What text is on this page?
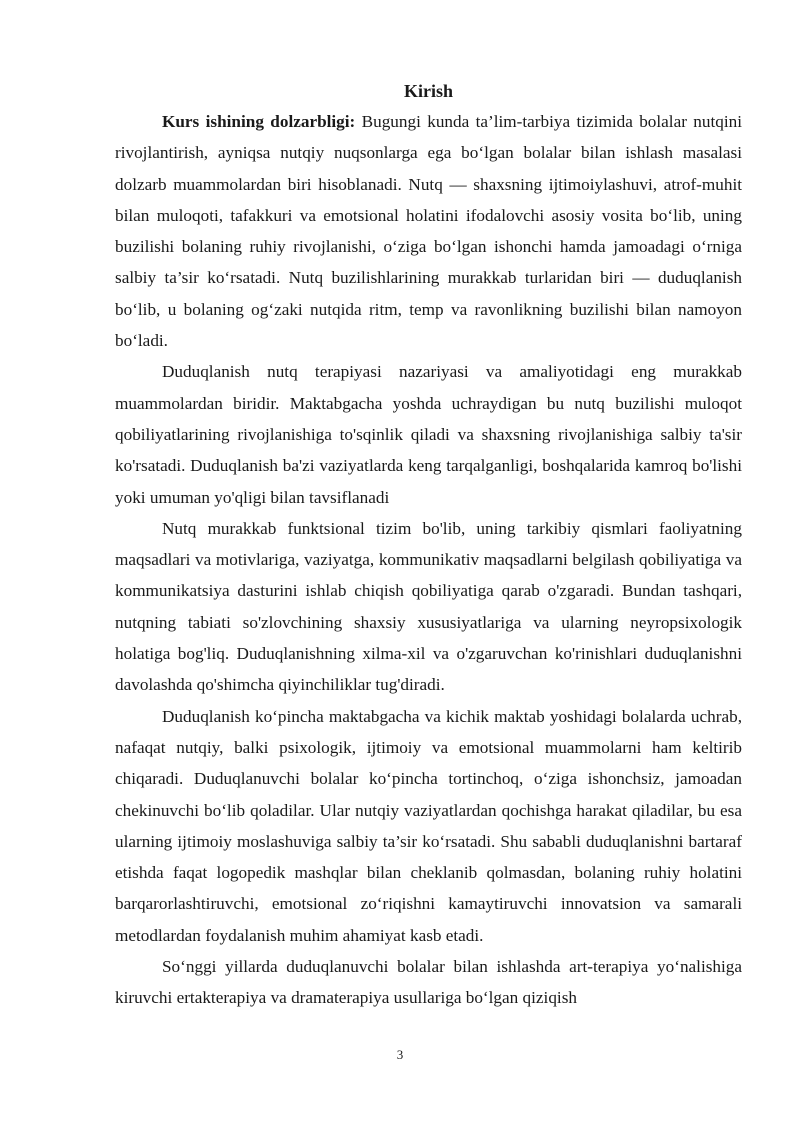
Kirish

Kurs ishining dolzarbligi: Bugungi kunda ta’lim-tarbiya tizimida bolalar nutqini rivojlantirish, ayniqsa nutqiy nuqsonlarga ega bo‘lgan bolalar bilan ishlash masalasi dolzarb muammolardan biri hisoblanadi. Nutq — shaxsning ijtimoiylashuvi, atrof-muhit bilan muloqoti, tafakkuri va emotsional holatini ifodalovchi asosiy vosita bo‘lib, uning buzilishi bolaning ruhiy rivojlanishi, o‘ziga bo‘lgan ishonchi hamda jamoadagi o‘rniga salbiy ta’sir ko‘rsatadi. Nutq buzilishlarining murakkab turlaridan biri — duduqlanish bo‘lib, u bolaning og‘zaki nutqida ritm, temp va ravonlikning buzilishi bilan namoyon bo‘ladi.

Duduqlanish nutq terapiyasi nazariyasi va amaliyotidagi eng murakkab muammolardan biridir. Maktabgacha yoshda uchraydigan bu nutq buzilishi muloqot qobiliyatlarining rivojlanishiga to'sqinlik qiladi va shaxsning rivojlanishiga salbiy ta'sir ko'rsatadi. Duduqlanish ba'zi vaziyatlarda keng tarqalganligi, boshqalarida kamroq bo'lishi yoki umuman yo'qligi bilan tavsiflanadi

Nutq murakkab funktsional tizim bo'lib, uning tarkibiy qismlari faoliyatning maqsadlari va motivlariga, vaziyatga, kommunikativ maqsadlarni belgilash qobiliyatiga va kommunikatsiya dasturini ishlab chiqish qobiliyatiga qarab o'zgaradi. Bundan tashqari, nutqning tabiati so'zlovchining shaxsiy xususiyatlariga va ularning neyropsixologik holatiga bog'liq. Duduqlanishning xilma-xil va o'zgaruvchan ko'rinishlari duduqlanishni davolashda qo'shimcha qiyinchiliklar tug'diradi.

Duduqlanish ko‘pincha maktabgacha va kichik maktab yoshidagi bolalarda uchrab, nafaqat nutqiy, balki psixologik, ijtimoiy va emotsional muammolarni ham keltirib chiqaradi. Duduqlanuvchi bolalar ko‘pincha tortinchoq, o‘ziga ishonchsiz, jamoadan chekinuvchi bo‘lib qoladilar. Ular nutqiy vaziyatlardan qochishga harakat qiladilar, bu esa ularning ijtimoiy moslashuviga salbiy ta’sir ko‘rsatadi. Shu sababli duduqlanishni bartaraf etishda faqat logopedik mashqlar bilan cheklanib qolmasdan, bolaning ruhiy holatini barqarorlashtiruvchi, emotsional zo‘riqishni kamaytiruvchi innovatsion va samarali metodlardan foydalanish muhim ahamiyat kasb etadi.

So‘nggi yillarda duduqlanuvchi bolalar bilan ishlashda art-terapiya yo‘nalishiga kiruvchi ertakterapiya va dramaterapiya usullariga bo‘lgan qiziqish

3
